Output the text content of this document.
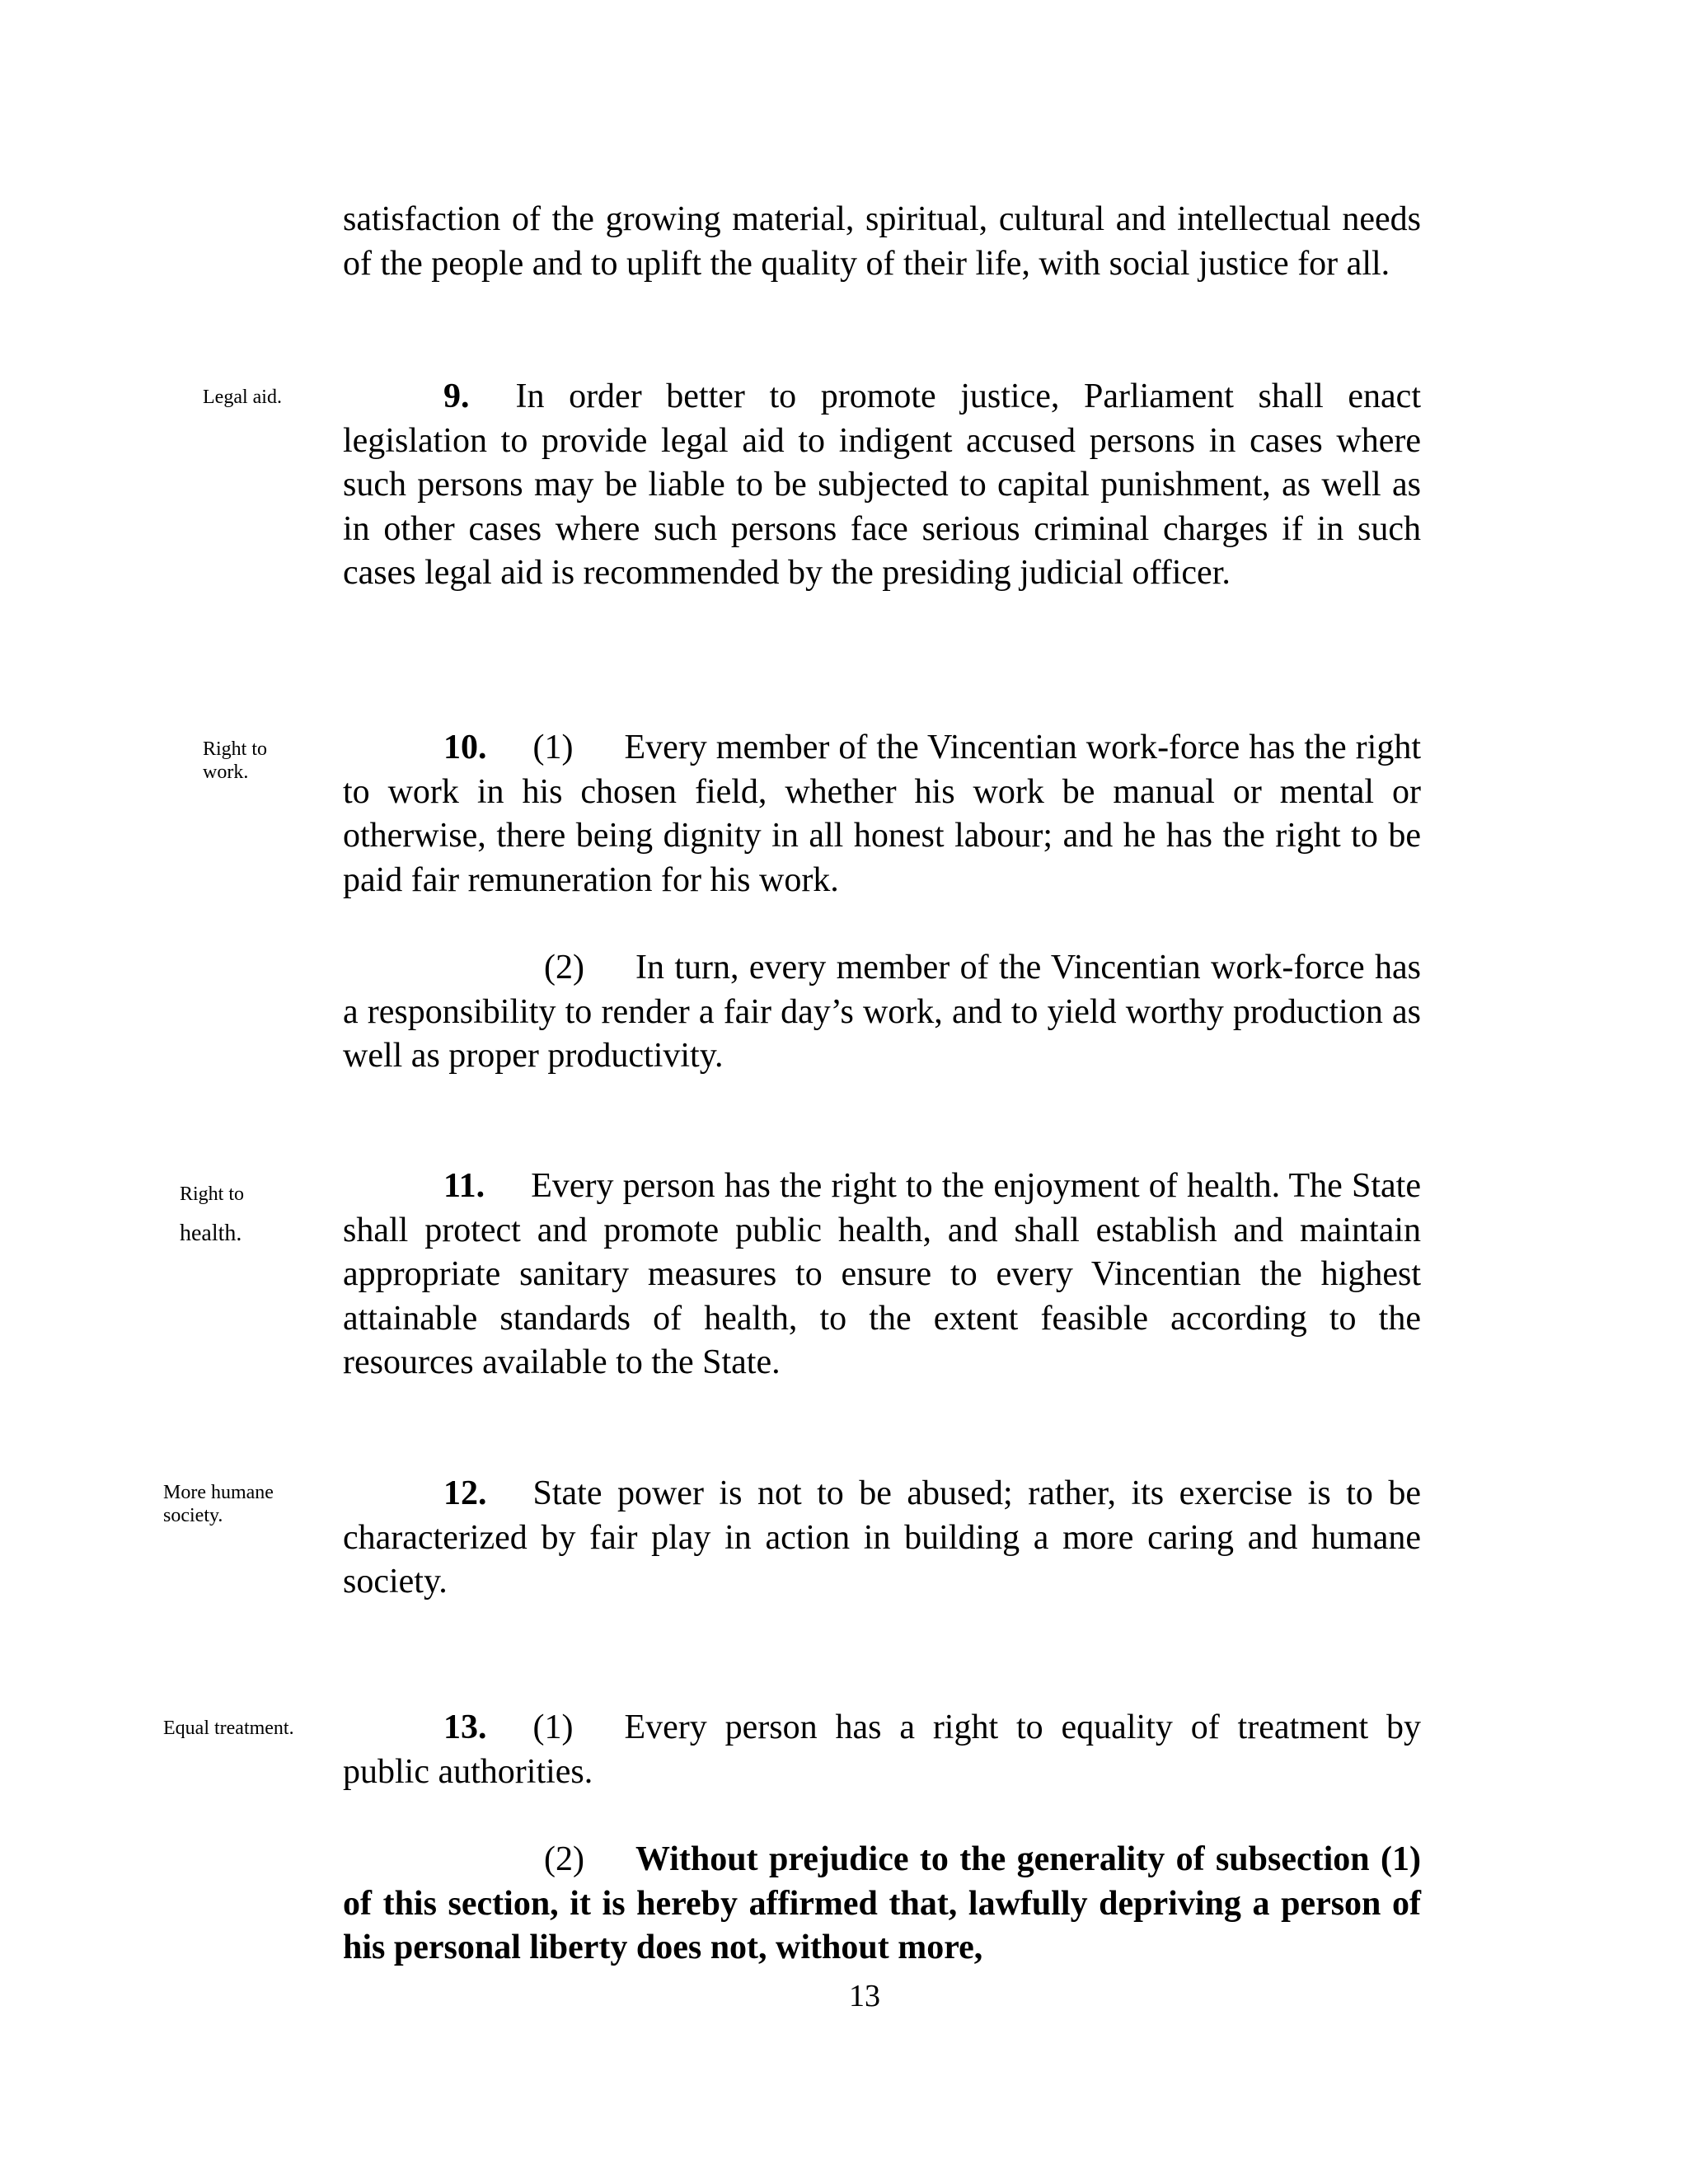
satisfaction of the growing material, spiritual, cultural and intellectual needs of the people and to uplift the quality of their life, with social justice for all.

Legal aid.	9. In order better to promote justice, Parliament shall enact legislation to provide legal aid to indigent accused persons in cases where such persons may be liable to be subjected to capital punishment, as well as in other cases where such persons face serious criminal charges if in such cases legal aid is recommended by the presiding judicial officer.

Right to
work.

10. (1) Every member of the Vincentian work-force has the right to work in his chosen field, whether his work be manual or mental or otherwise, there being dignity in all honest labour; and he has the right to be paid fair remuneration for his work.

(2) In turn, every member of the Vincentian work-force has a responsibility to render a fair day’s work, and to yield worthy production as well as proper productivity.

Right to
health.

11. Every person has the right to the enjoyment of health. The State shall protect and promote public health, and shall establish and maintain appropriate sanitary measures to ensure to every Vincentian the highest attainable standards of health, to the extent feasible according to the resources available to the State.

More humane
society.

12. State power is not to be abused; rather, its exercise is to be characterized by fair play in action in building a more caring and humane society.

Equal treatment.	13. (1) Every person has a right to equality of treatment by public authorities.

(2) Without prejudice to the generality of subsection (1) of this section, it is hereby affirmed that, lawfully depriving a person of his personal liberty does not, without more,

13
